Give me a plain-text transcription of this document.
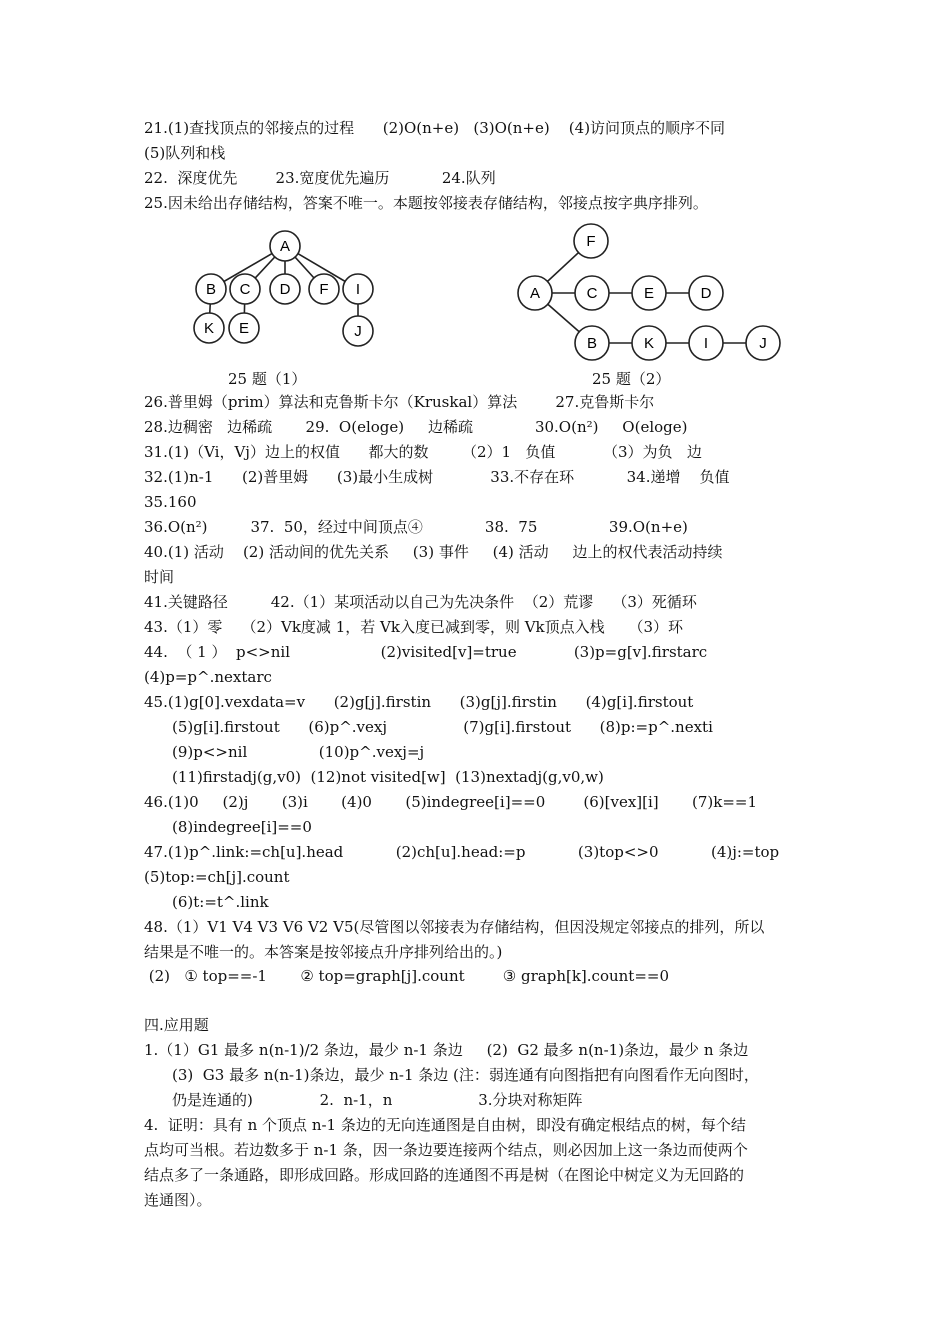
21.(1)查找顶点的邻接点的过程      (2)O(n+e)   (3)O(n+e)    (4)访问顶点的顺序不同
(5)队列和栈
22.  深度优先        23.宽度优先遍历           24.队列
25.因未给出存储结构，答案不唯一。本题按邻接表存储结构，邻接点按字典序排列。
A
B C D F I
K E	J
F
A	C	E	D
B	K	I	J
25 题（1）	25 题（2）
26.普里姆（prim）算法和克鲁斯卡尔（Kruskal）算法        27.克鲁斯卡尔
28.边稠密   边稀疏       29.  O(eloge)     边稀疏             30.O(n²)     O(eloge)
31.(1)（Vi，Vj）边上的权值      都大的数       （2）1   负值          （3）为负   边
32.(1)n-1      (2)普里姆      (3)最小生成树            33.不存在环           34.递增    负值
35.160
36.O(n²)         37.  50，经过中间顶点④             38.  75               39.O(n+e)
40.(1) 活动    (2) 活动间的优先关系     (3) 事件     (4) 活动     边上的权代表活动持续
时间
41.关键路径         42.（1）某项活动以自己为先决条件  （2）荒谬    （3）死循环
43.（1）零    （2）Vk度减 1，若 Vk入度已减到零，则 Vk顶点入栈     （3）环
44.  （ 1 ）  p<>nil                   (2)visited[v]=true            (3)p=g[v].firstarc
(4)p=p^.nextarc
45.(1)g[0].vexdata=v      (2)g[j].firstin      (3)g[j].firstin      (4)g[i].firstout
(5)g[i].firstout      (6)p^.vexj                (7)g[i].firstout      (8)p:=p^.nexti
(9)p<>nil               (10)p^.vexj=j
(11)firstadj(g,v0)  (12)not visited[w]  (13)nextadj(g,v0,w)
46.(1)0     (2)j       (3)i       (4)0       (5)indegree[i]==0        (6)[vex][i]       (7)k==1
(8)indegree[i]==0
47.(1)p^.link:=ch[u].head           (2)ch[u].head:=p           (3)top<>0           (4)j:=top
(5)top:=ch[j].count
(6)t:=t^.link
48.（1）V1 V4 V3 V6 V2 V5(尽管图以邻接表为存储结构，但因没规定邻接点的排列，所以
结果是不唯一的。本答案是按邻接点升序排列给出的。)
(2)   ① top==-1       ② top=graph[j].count        ③ graph[k].count==0
四.应用题
1.（1）G1 最多 n(n-1)/2 条边，最少 n-1 条边     (2)  G2 最多 n(n-1)条边，最少 n 条边
(3)  G3 最多 n(n-1)条边，最少 n-1 条边 (注：弱连通有向图指把有向图看作无向图时，
仍是连通的)              2.  n-1，n                  3.分块对称矩阵
4.  证明：具有 n 个顶点 n-1 条边的无向连通图是自由树，即没有确定根结点的树，每个结
点均可当根。若边数多于 n-1 条，因一条边要连接两个结点，则必因加上这一条边而使两个
结点多了一条通路，即形成回路。形成回路的连通图不再是树（在图论中树定义为无回路的
连通图）。
